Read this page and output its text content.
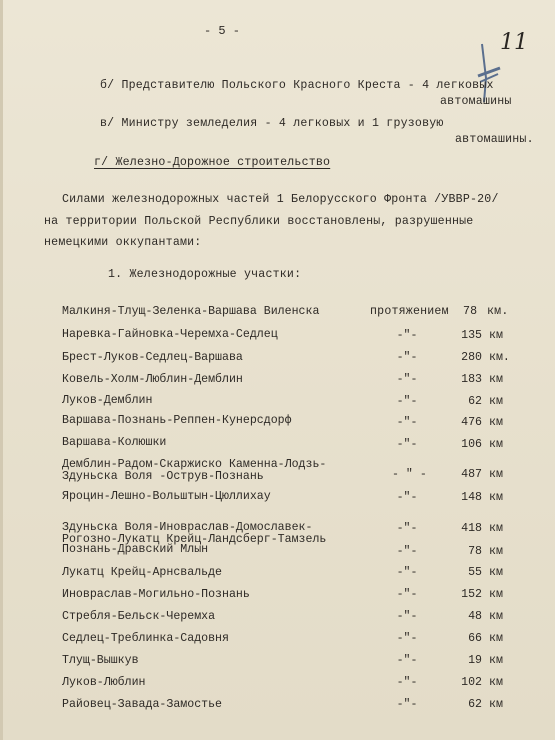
- 5 -	11
б/ Представителю Польского Красного Креста - 4 легковых
автомашины
в/ Министру земледелия - 4 легковых и 1 грузовую
автомашины.
г/ Железно-Дорожное строительство
Силами железнодорожных частей 1 Белорусского Фронта /УВВР-20/
на территории Польской Республики восстановлены, разрушенные
немецкими оккупантами:
1. Железнодорожные участки:
Малкиня-Тлущ-Зеленка-Варшава Виленска	протяжением 78 км.
Наревка-Гайновка-Черемха-Седлец	-"-	135 км
Брест-Луков-Седлец-Варшава	-"-	280 км.
Ковель-Холм-Люблин-Демблин	-"-	183 км
Луков-Демблин	-"-	62 км
Варшава-Познань-Реппен-Кунерсдорф	-"-	476 км
Варшава-Колюшки	-"-	106 км
Демблин-Радом-Скаржиско Каменна-Лодзь-
Здуньска Воля -Острув-Познань	- " -	487 км
Яроцин-Лешно-Вольштын-Цюллихау	-"-	148 км
Здуньска Воля-Иновраслав-Домославек-
Рогозно-Лукатц Крейц-Ландсберг-Тамзель
-"-	418 км
Познань-Дравский Млын	-"-	78 км
Лукатц Крейц-Арнсвальде	-"-	55 км
Иновраслав-Могильно-Познань	-"-	152 км
Стребля-Бельск-Черемха	-"-	48 км
Седлец-Треблинка-Садовня	-"-	66 км
Тлущ-Вышкув	-"-	19 км
Луков-Люблин	-"-	102 км
Райовец-Завада-Замостье	-"-	62 км
